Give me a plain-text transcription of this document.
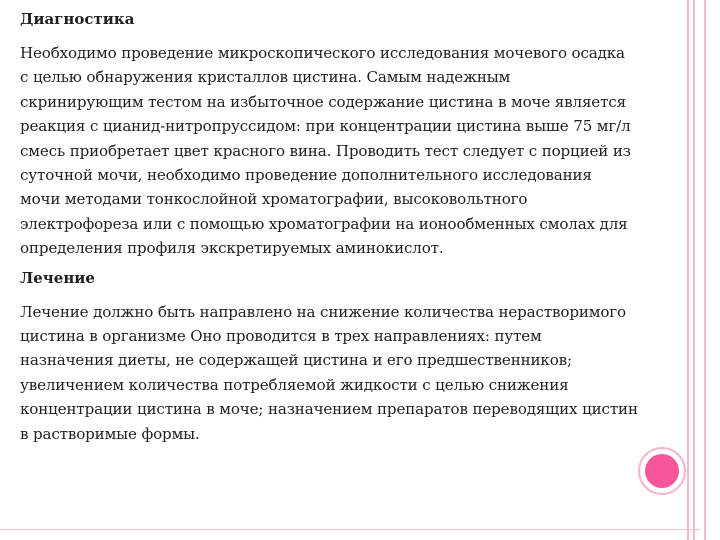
Диагностика
Необходимо проведение микроскопического исследования мочевого осадка
с целью обнаружения кристаллов цистина. Самым надежным
скринирующим тестом на избыточное содержание цистина в моче является
реакция с цианид-нитропруссидом: при концентрации цистина выше 75 мг/л
смесь приобретает цвет красного вина. Проводить тест следует с порцией из
суточной мочи, необходимо проведение дополнительного исследования
мочи методами тонкослойной хроматографии, высоковольтного
электрофореза или с помощью хроматографии на ионообменных смолах для
определения профиля экскретируемых аминокислот.
Лечение
Лечение должно быть направлено на снижение количества нерастворимого
цистина в организме Оно проводится в трех направлениях: путем
назначения диеты, не содержащей цистина и его предшественников;
увеличением количества потребляемой жидкости с целью снижения
концентрации цистина в моче; назначением препаратов переводящих цистин
в растворимые формы.
